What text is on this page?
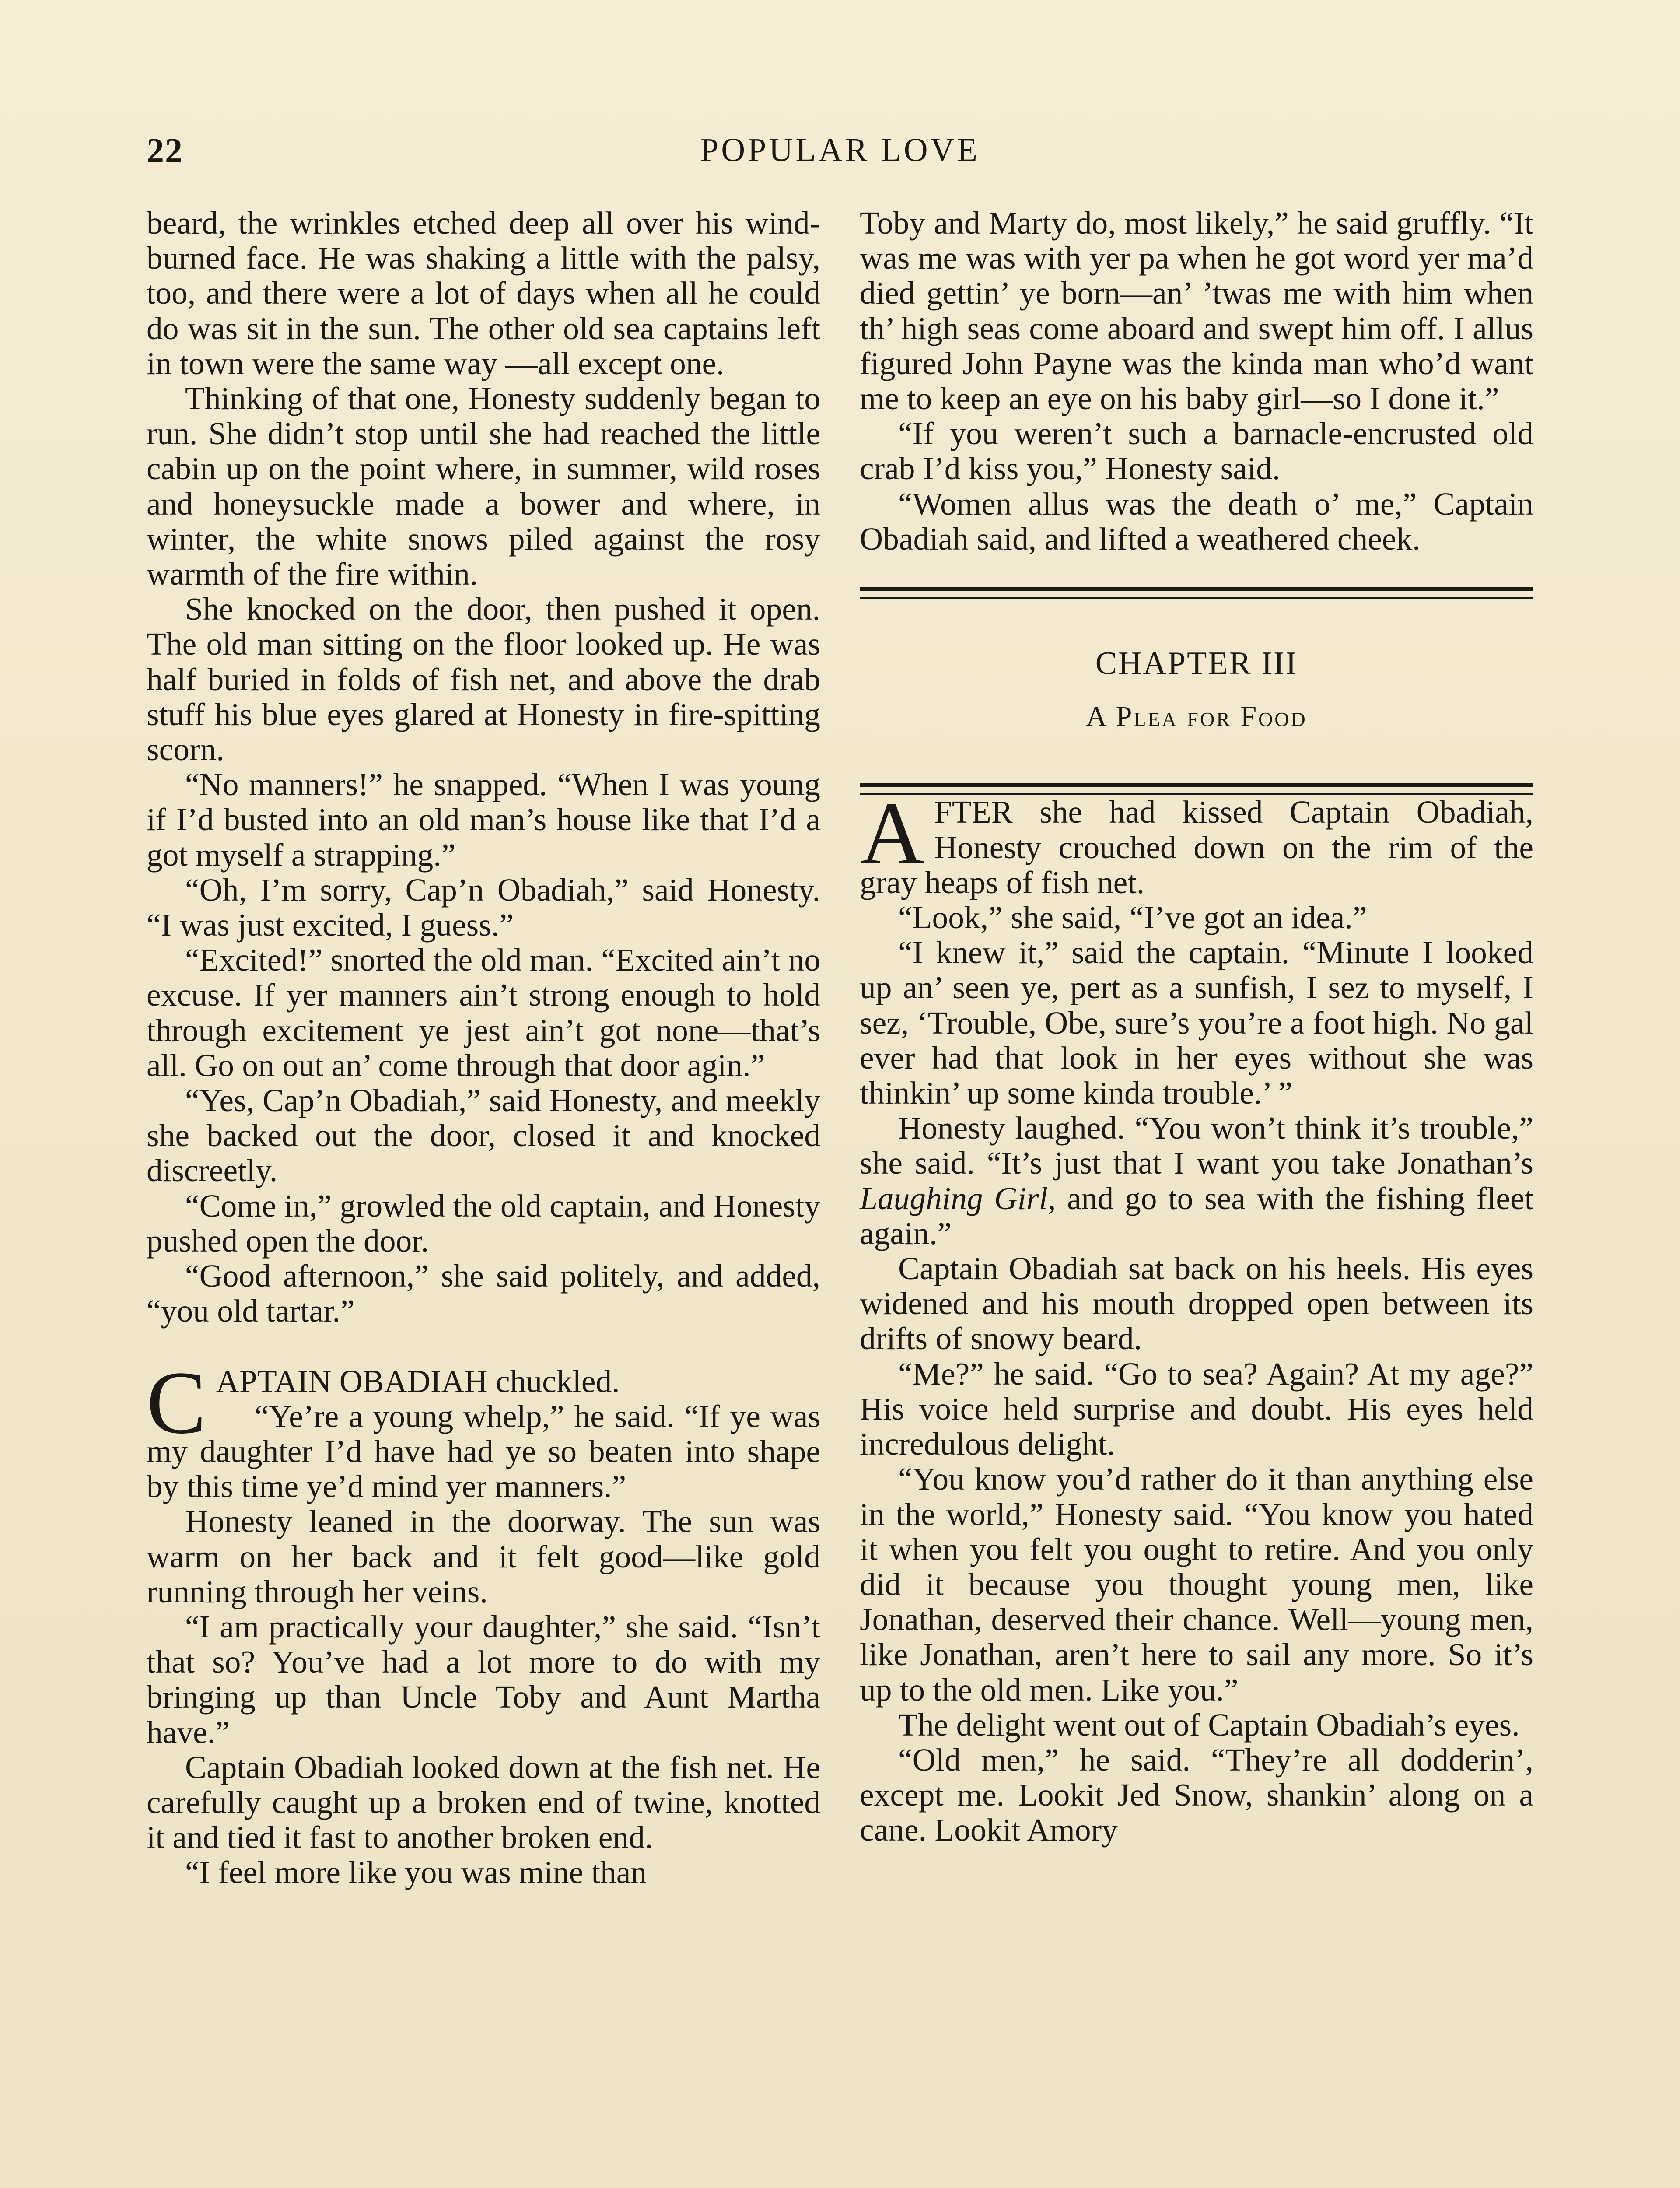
22	POPULAR LOVE

beard, the wrinkles etched deep all over his wind-burned face. He was shaking a little with the palsy, too, and there were a lot of days when all he could do was sit in the sun. The other old sea captains left in town were the same way —all except one.

Thinking of that one, Honesty suddenly began to run. She didn’t stop until she had reached the little cabin up on the point where, in summer, wild roses and honeysuckle made a bower and where, in winter, the white snows piled against the rosy warmth of the fire within.

She knocked on the door, then pushed it open. The old man sitting on the floor looked up. He was half buried in folds of fish net, and above the drab stuff his blue eyes glared at Honesty in fire-spitting scorn.

“No manners!” he snapped. “When I was young if I’d busted into an old man’s house like that I’d a got myself a strapping.”

“Oh, I’m sorry, Cap’n Obadiah,” said Honesty. “I was just excited, I guess.”

“Excited!” snorted the old man. “Excited ain’t no excuse. If yer manners ain’t strong enough to hold through excitement ye jest ain’t got none—that’s all. Go on out an’ come through that door agin.”

“Yes, Cap’n Obadiah,” said Honesty, and meekly she backed out the door, closed it and knocked discreetly.

“Come in,” growled the old captain, and Honesty pushed open the door.

“Good afternoon,” she said politely, and added, “you old tartar.”

CAPTAIN OBADIAH chuckled.

“Ye’re a young whelp,” he said. “If ye was my daughter I’d have had ye so beaten into shape by this time ye’d mind yer manners.”

Honesty leaned in the doorway. The sun was warm on her back and it felt good—like gold running through her veins.

“I am practically your daughter,” she said. “Isn’t that so? You’ve had a lot more to do with my bringing up than Uncle Toby and Aunt Martha have.”

Captain Obadiah looked down at the fish net. He carefully caught up a broken end of twine, knotted it and tied it fast to another broken end.

“I feel more like you was mine than

Toby and Marty do, most likely,” he said gruffly. “It was me was with yer pa when he got word yer ma’d died gettin’ ye born—an’ ’twas me with him when th’ high seas come aboard and swept him off. I allus figured John Payne was the kinda man who’d want me to keep an eye on his baby girl—so I done it.”

“If you weren’t such a barnacle-encrusted old crab I’d kiss you,” Honesty said.

“Women allus was the death o’ me,” Captain Obadiah said, and lifted a weathered cheek.

CHAPTER III
A Plea for Food

AFTER she had kissed Captain Obadiah, Honesty crouched down on the rim of the gray heaps of fish net.

“Look,” she said, “I’ve got an idea.”

“I knew it,” said the captain. “Minute I looked up an’ seen ye, pert as a sunfish, I sez to myself, I sez, ‘Trouble, Obe, sure’s you’re a foot high. No gal ever had that look in her eyes without she was thinkin’ up some kinda trouble.’ ”

Honesty laughed. “You won’t think it’s trouble,” she said. “It’s just that I want you take Jonathan’s Laughing Girl, and go to sea with the fishing fleet again.”

Captain Obadiah sat back on his heels. His eyes widened and his mouth dropped open between its drifts of snowy beard.

“Me?” he said. “Go to sea? Again? At my age?” His voice held surprise and doubt. His eyes held incredulous delight.

“You know you’d rather do it than anything else in the world,” Honesty said. “You know you hated it when you felt you ought to retire. And you only did it because you thought young men, like Jonathan, deserved their chance. Well—young men, like Jonathan, aren’t here to sail any more. So it’s up to the old men. Like you.”

The delight went out of Captain Obadiah’s eyes.

“Old men,” he said. “They’re all dodderin’, except me. Lookit Jed Snow, shankin’ along on a cane. Lookit Amory
